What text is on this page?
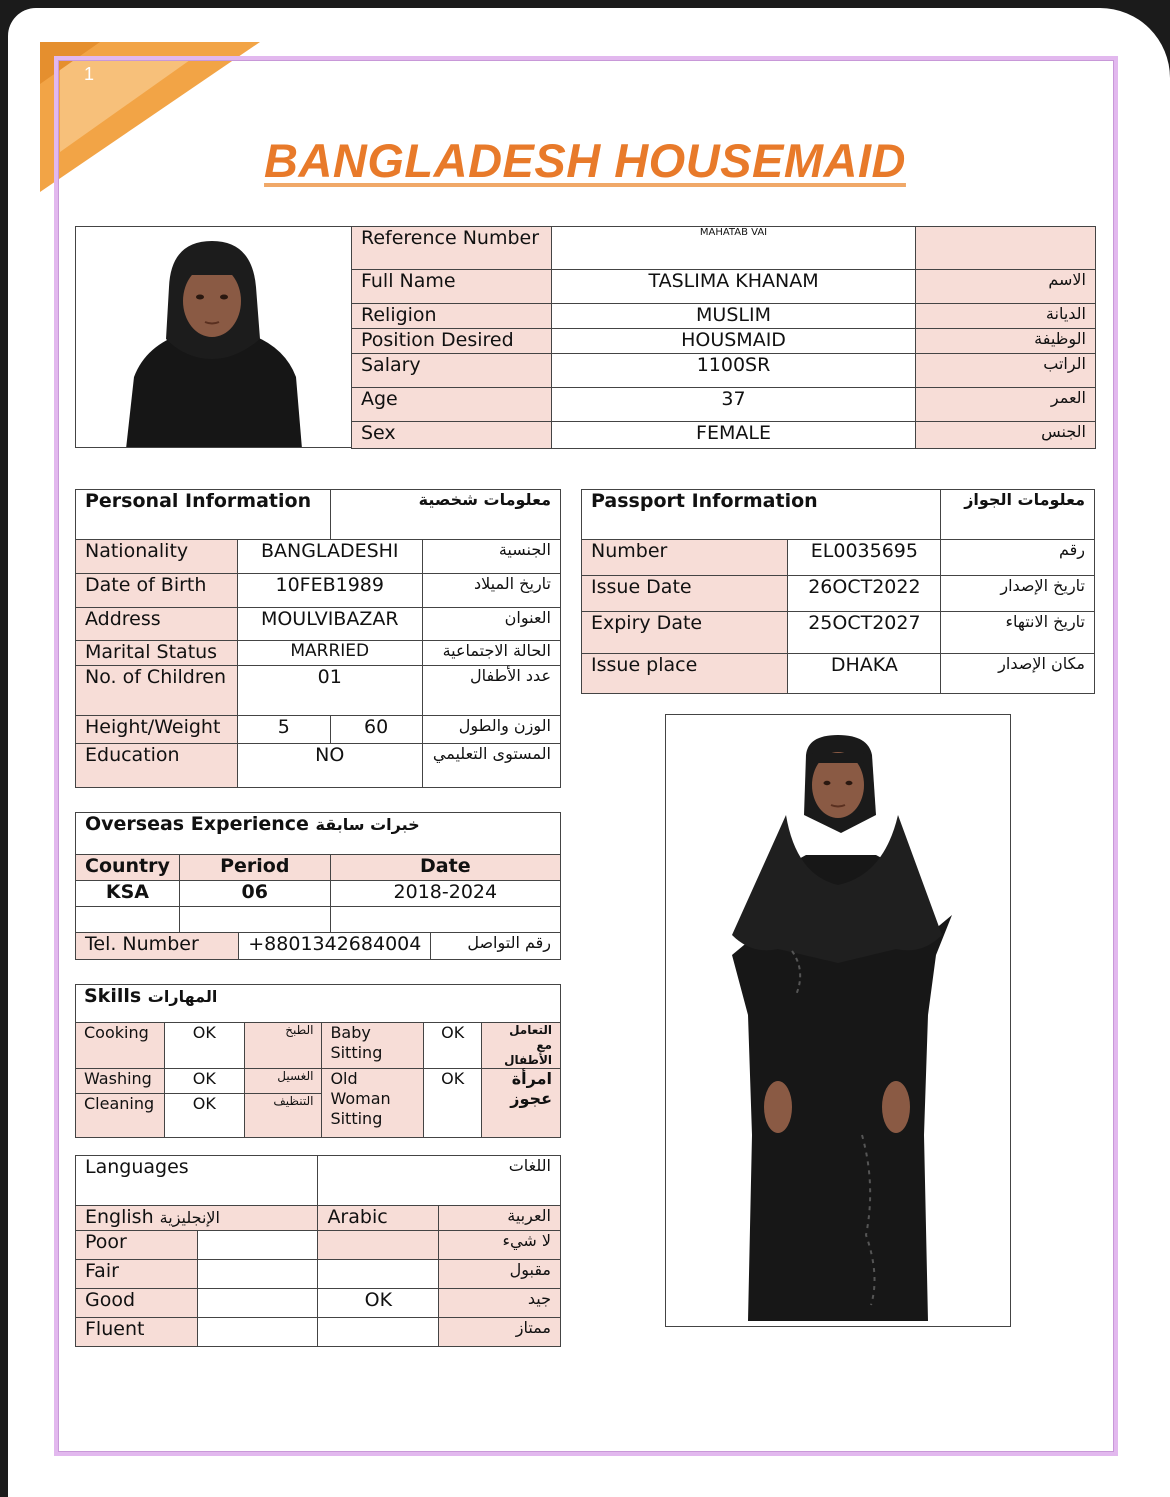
1
BANGLADESH HOUSEMAID
Reference Number	MAHATAB VAI	

Full Name	TASLIMA KHANAM	الاسم
Religion	MUSLIM	الديانة
Position Desired	HOUSMAID	الوظيفة
Salary	1100SR	الراتب
Age	37	العمر
Sex	FEMALE	الجنس
Personal Information		معلومات شخصية	
Nationality	BANGLADESHI		الجنسية
Date of Birth	10FEB1989		تاريخ الميلاد
Address	MOULVIBAZAR		العنوان
Marital Status	MARRIED		الحالة الاجتماعية
No. of Children	01		عدد الأطفال
Height/Weight	5	60	الوزن والطول
Education	NO		المستوى التعليمي
Passport Information		معلومات الجواز
Number	EL0035695	رقم
Issue Date	26OCT2022	تاريخ الإصدار
Expiry Date	25OCT2027	تاريخ الانتهاء
Issue place	DHAKA	مكان الإصدار
Overseas Experience خبرات سابقة				
Country	Period		Date	
KSA	06		2018-2024	

Tel. Number		+8801342684004		رقم التواصل
Skills المهارات					
Cooking	OK	الطبخ	Baby Sitting	OK	التعامل مع الأطفال
Washing	OK	الغسيل	Old Woman Sitting	OK	امرأة عجوز
Cleaning	OK	التنظيف			
Languages		اللغات	
English الإنجليزية		Arabic	العربية
Poor			لا شيء
Fair			مقبول
Good		OK	جيد
Fluent			ممتاز
